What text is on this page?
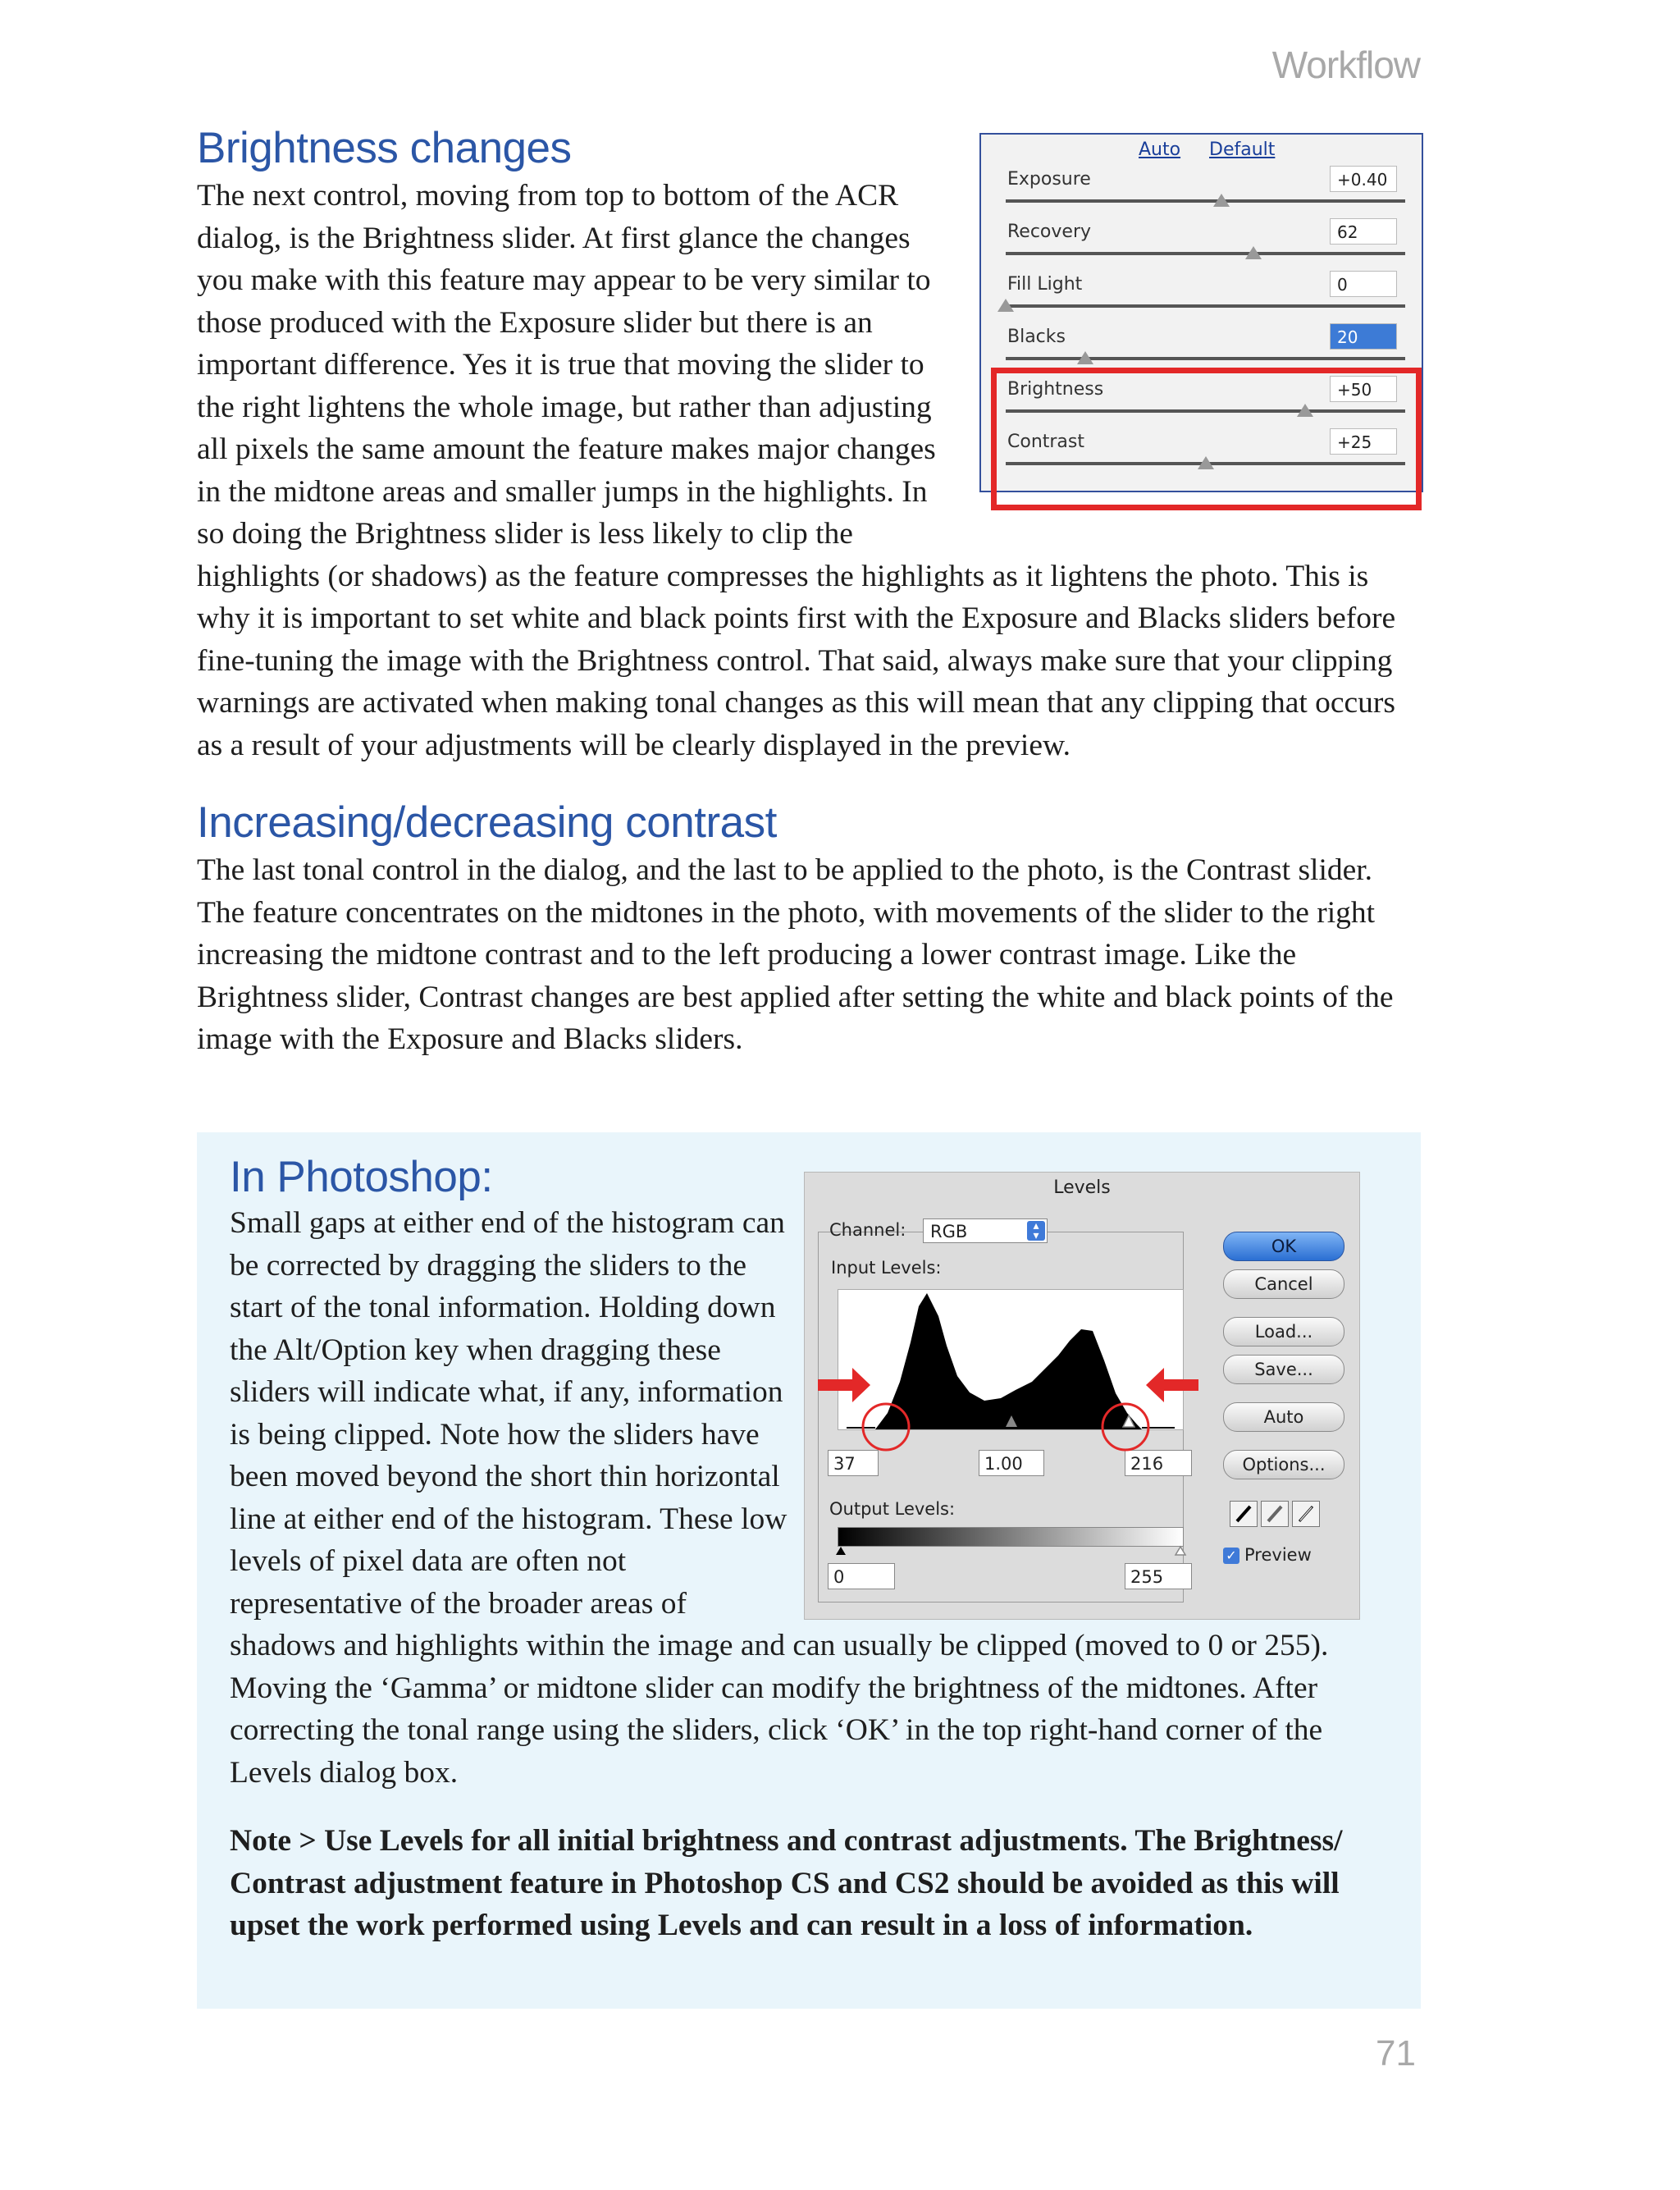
Workflow
Brightness changes

The next control, moving from top to bottom of the ACR dialog, is the Brightness slider. At first glance the changes you make with this feature may appear to be very similar to those produced with the Exposure slider but there is an important difference. Yes it is true that moving the slider to the right lightens the whole image, but rather than adjusting all pixels the same amount the feature makes major changes in the midtone areas and smaller jumps in the highlights. In so doing the Brightness slider is less likely to clip the highlights (or shadows) as the feature compresses the highlights as it lightens the photo. This is why it is important to set white and black points first with the Exposure and Blacks sliders before fine-tuning the image with the Brightness control. That said, always make sure that your clipping warnings are activated when making tonal changes as this will mean that any clipping that occurs as a result of your adjustments will be clearly displayed in the preview.

Auto Default
Exposure	+0.40
Recovery	62
Fill Light	0
Blacks	20
Brightness	+50
Contrast	+25
Increasing/decreasing contrast

The last tonal control in the dialog, and the last to be applied to the photo, is the Contrast slider. The feature concentrates on the midtones in the photo, with movements of the slider to the right increasing the midtone contrast and to the left producing a lower contrast image. Like the Brightness slider, Contrast changes are best applied after setting the white and black points of the image with the Exposure and Blacks sliders.

In Photoshop:

Small gaps at either end of the histogram can be corrected by dragging the sliders to the start of the tonal information. Holding down the Alt/Option key when dragging these sliders will indicate what, if any, information is being clipped. Note how the sliders have been moved beyond the short thin horizontal line at either end of the histogram. These low levels of pixel data are often not representative of the broader areas of shadows and highlights within the image and can usually be clipped (moved to 0 or 255). Moving the ‘Gamma’ or midtone slider can modify the brightness of the midtones. After correcting the tonal range using the sliders, click ‘OK’ in the top right-hand corner of the Levels dialog box.

Note > Use Levels for all initial brightness and contrast adjustments. The Brightness/ Contrast adjustment feature in Photoshop CS and CS2 should be avoided as this will upset the work performed using Levels and can result in a loss of information.

Levels
Channel:	RGB	▴
▾
Input Levels:
37	1.00	216
Output Levels:
0	255
OK
Cancel
Load...
Save...
Auto
Options...
✓ Preview
71
